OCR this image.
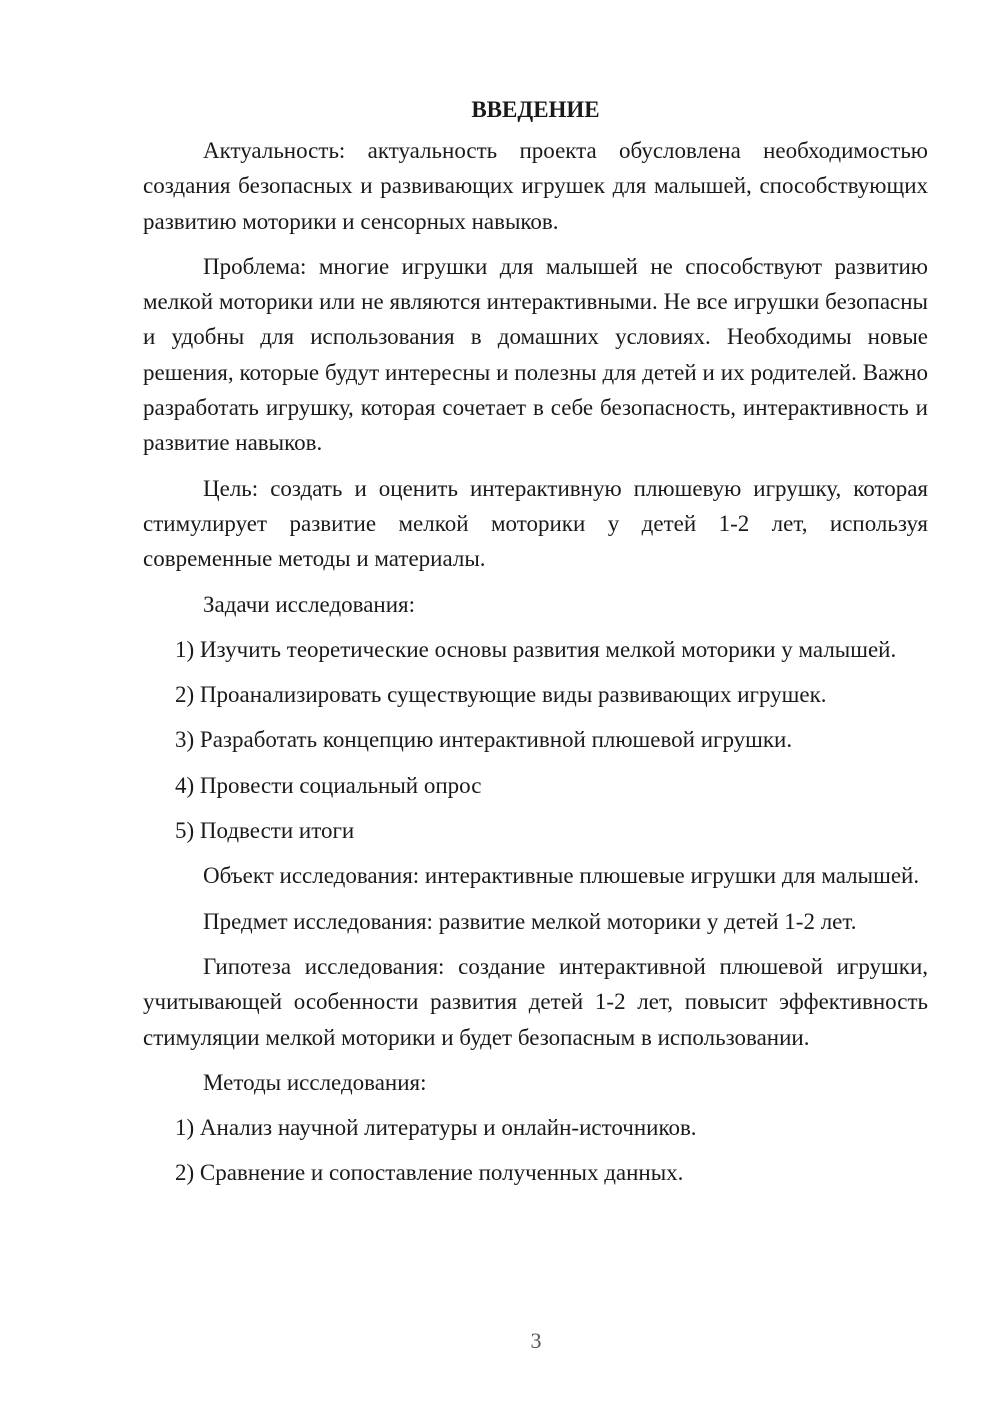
ВВЕДЕНИЕ

Актуальность: актуальность проекта обусловлена необходимостью создания безопасных и развивающих игрушек для малышей, способствующих развитию моторики и сенсорных навыков.

Проблема: многие игрушки для малышей не способствуют развитию мелкой моторики или не являются интерактивными. Не все игрушки безопасны и удобны для использования в домашних условиях. Необходимы новые решения, которые будут интересны и полезны для детей и их родителей. Важно разработать игрушку, которая сочетает в себе безопасность, интерактивность и развитие навыков.

Цель: создать и оценить интерактивную плюшевую игрушку, которая стимулирует развитие мелкой моторики у детей 1-2 лет, используя современные методы и материалы.

Задачи исследования:

1) Изучить теоретические основы развития мелкой моторики у малышей.

2) Проанализировать существующие виды развивающих игрушек.

3) Разработать концепцию интерактивной плюшевой игрушки.

4) Провести социальный опрос

5) Подвести итоги

Объект исследования: интерактивные плюшевые игрушки для малышей.

Предмет исследования: развитие мелкой моторики у детей 1-2 лет.

Гипотеза исследования: создание интерактивной плюшевой игрушки, учитывающей особенности развития детей 1-2 лет, повысит эффективность стимуляции мелкой моторики и будет безопасным в использовании.

Методы исследования:

1) Анализ научной литературы и онлайн-источников.

2) Сравнение и сопоставление полученных данных.

3
